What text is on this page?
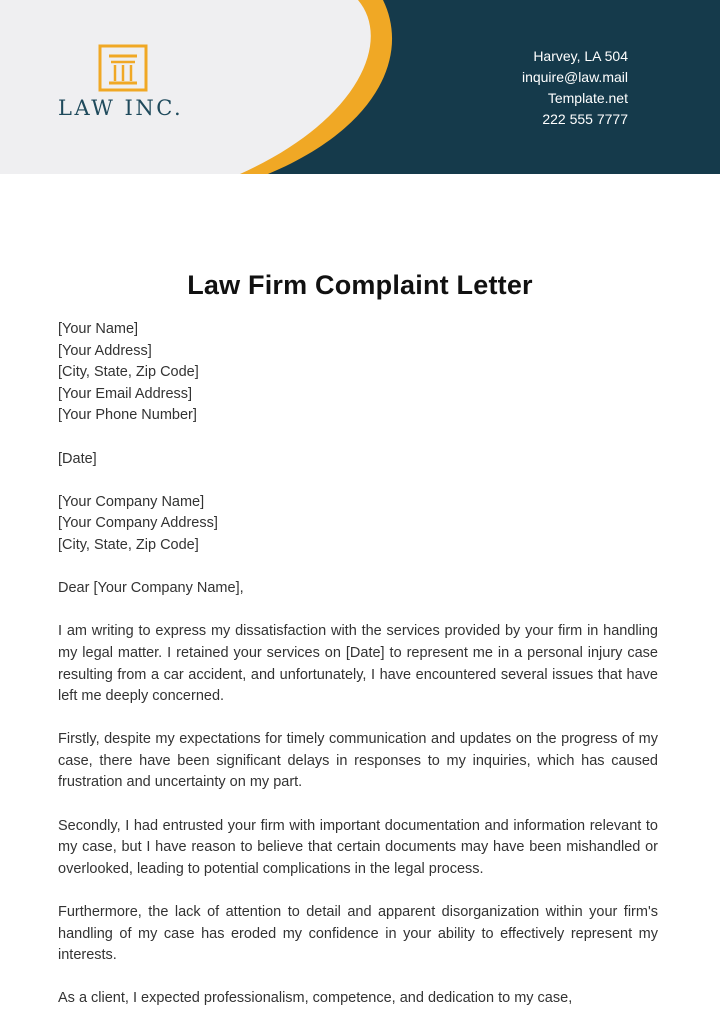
LAW INC.
Harvey, LA 504
inquire@law.mail
Template.net
222 555 7777
Law Firm Complaint Letter
[Your Name]
[Your Address]
[City, State, Zip Code]
[Your Email Address]
[Your Phone Number]
[Date]
[Your Company Name]
[Your Company Address]
[City, State, Zip Code]
Dear [Your Company Name],

I am writing to express my dissatisfaction with the services provided by your firm in handling my legal matter. I retained your services on [Date] to represent me in a personal injury case resulting from a car accident, and unfortunately, I have encountered several issues that have left me deeply concerned.

Firstly, despite my expectations for timely communication and updates on the progress of my case, there have been significant delays in responses to my inquiries, which has caused frustration and uncertainty on my part.

Secondly, I had entrusted your firm with important documentation and information relevant to my case, but I have reason to believe that certain documents may have been mishandled or overlooked, leading to potential complications in the legal process.

Furthermore, the lack of attention to detail and apparent disorganization within your firm's handling of my case has eroded my confidence in your ability to effectively represent my interests.

As a client, I expected professionalism, competence, and dedication to my case,
